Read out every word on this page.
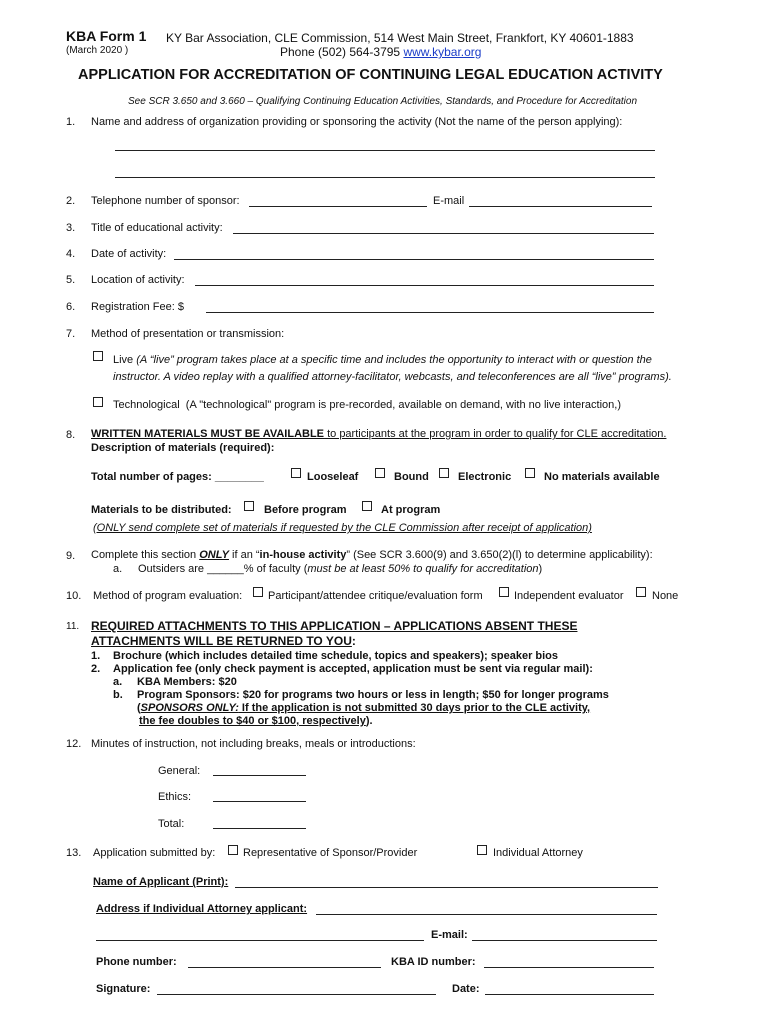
KBA Form 1
(March 2020 )
KY Bar Association, CLE Commission, 514 West Main Street, Frankfort, KY 40601-1883
Phone (502) 564-3795 www.kybar.org
APPLICATION FOR ACCREDITATION OF CONTINUING LEGAL EDUCATION ACTIVITY
See SCR 3.650 and 3.660 – Qualifying Continuing Education Activities, Standards, and Procedure for Accreditation
1. Name and address of organization providing or sponsoring the activity (Not the name of the person applying):
2. Telephone number of sponsor:	E-mail
3. Title of educational activity:
4. Date of activity:
5. Location of activity:
6. Registration Fee: $
7. Method of presentation or transmission:
Live (A “live” program takes place at a specific time and includes the opportunity to interact with or question the
instructor. A video replay with a qualified attorney-facilitator, webcasts, and teleconferences are all “live” programs).
Technological (A "technological" program is pre-recorded, available on demand, with no live interaction,)
8. WRITTEN MATERIALS MUST BE AVAILABLE to participants at the program in order to qualify for CLE accreditation.
Description of materials (required):
Total number of pages: ________	Looseleaf	Bound	Electronic	No materials available
Materials to be distributed:	Before program	At program
(ONLY send complete set of materials if requested by the CLE Commission after receipt of application)
9. Complete this section ONLY if an “in-house activity” (See SCR 3.600(9) and 3.650(2)(l) to determine applicability):
a. Outsiders are ______% of faculty (must be at least 50% to qualify for accreditation)
10. Method of program evaluation: Participant/attendee critique/evaluation form	Independent evaluator	None
11. REQUIRED ATTACHMENTS TO THIS APPLICATION – APPLICATIONS ABSENT THESE
ATTACHMENTS WILL BE RETURNED TO YOU:
1. Brochure (which includes detailed time schedule, topics and speakers); speaker bios
2. Application fee (only check payment is accepted, application must be sent via regular mail):
a. KBA Members: $20
b. Program Sponsors: $20 for programs two hours or less in length; $50 for longer programs
(SPONSORS ONLY: If the application is not submitted 30 days prior to the CLE activity,
the fee doubles to $40 or $100, respectively).
12. Minutes of instruction, not including breaks, meals or introductions:
General:
Ethics:
Total:
13. Application submitted by:	Representative of Sponsor/Provider	Individual Attorney
Name of Applicant (Print):
Address if Individual Attorney applicant:
E-mail:
Phone number:	KBA ID number:
Signature:	Date:
